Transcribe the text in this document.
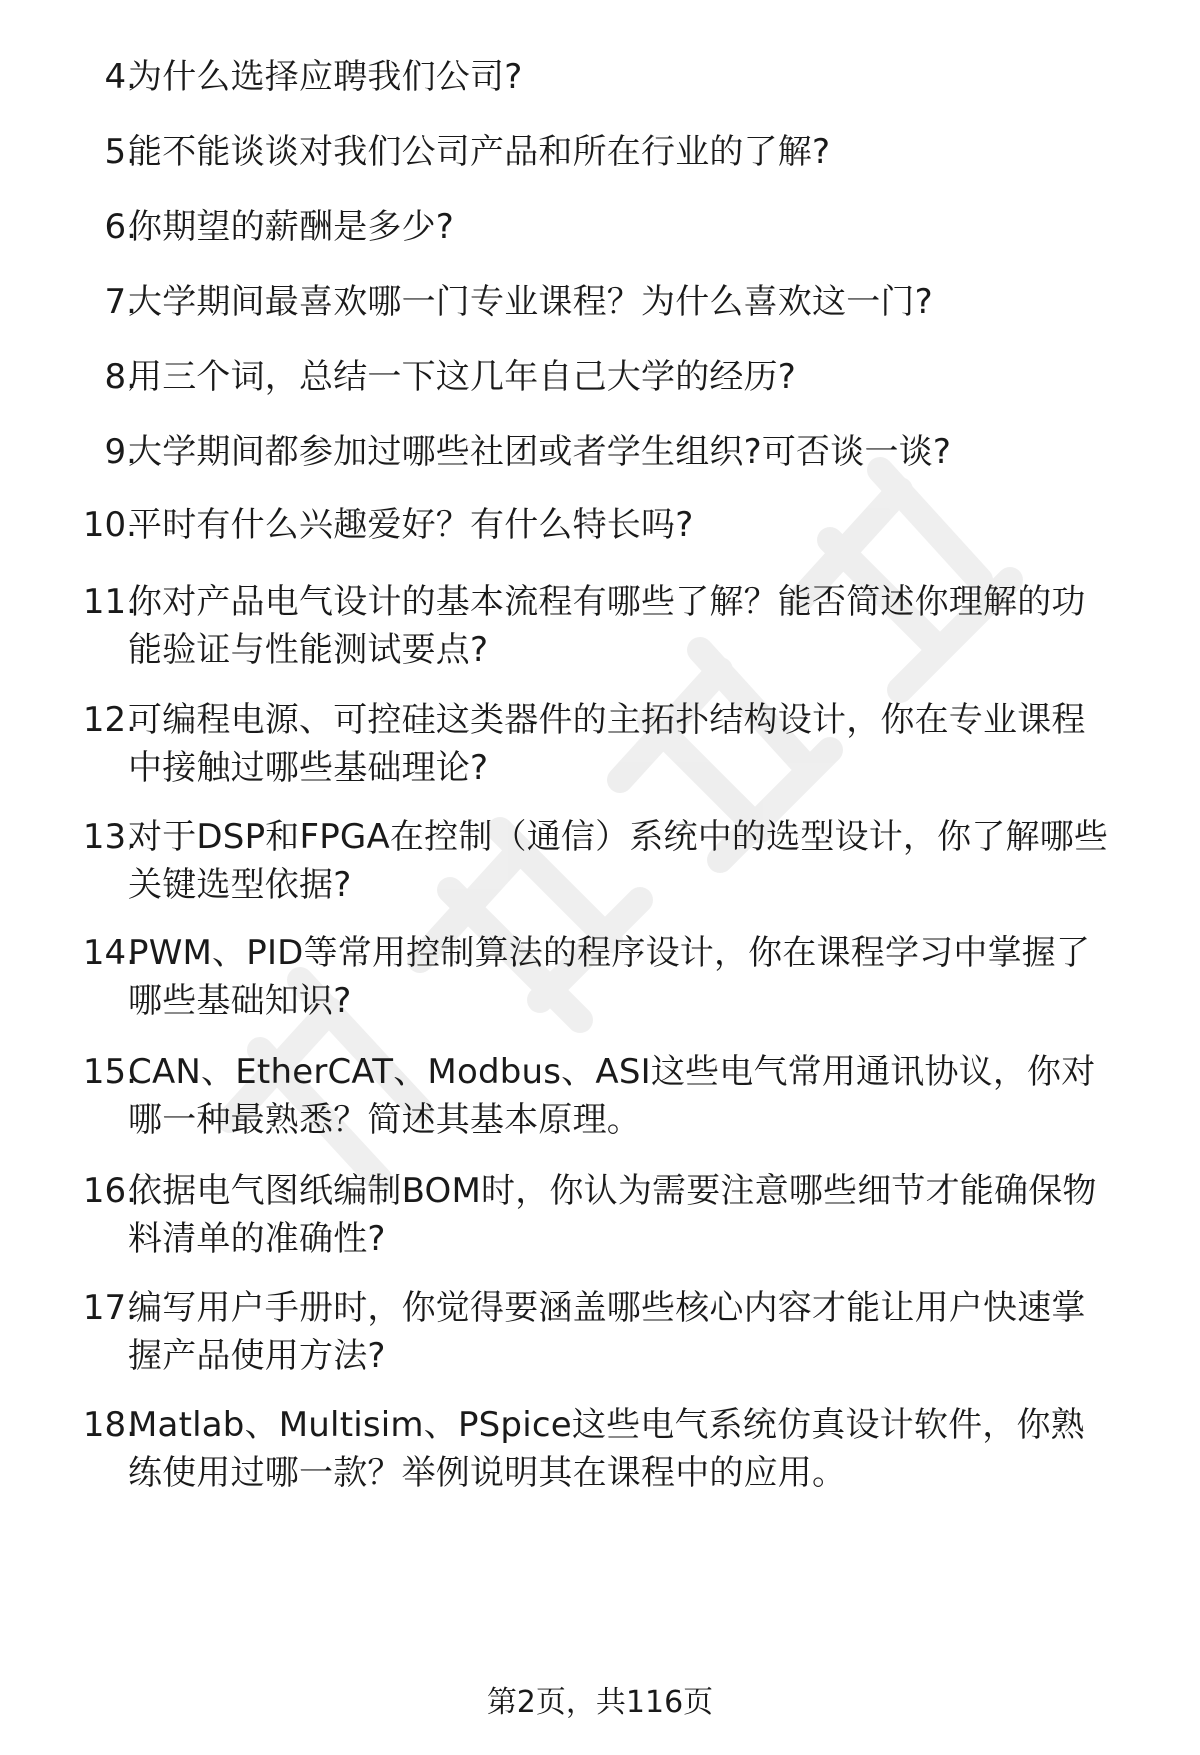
4.
为什么选择应聘我们公司?
5.
能不能谈谈对我们公司产品和所在行业的了解?
6.
你期望的薪酬是多少?
7.
大学期间最喜欢哪一门专业课程？为什么喜欢这一门?
8.
用三个词，总结一下这几年自己大学的经历?
9.
大学期间都参加过哪些社团或者学生组织?可否谈一谈?
10.
平时有什么兴趣爱好？有什么特长吗?
11.
你对产品电气设计的基本流程有哪些了解？能否简述你理解的功
能验证与性能测试要点?
12.
可编程电源、可控硅这类器件的主拓扑结构设计，你在专业课程
中接触过哪些基础理论?
13.
对于DSP和FPGA在控制（通信）系统中的选型设计，你了解哪些
关键选型依据?
14.
PWM、PID等常用控制算法的程序设计，你在课程学习中掌握了
哪些基础知识?
15.
CAN、EtherCAT、Modbus、ASI这些电气常用通讯协议，你对
哪一种最熟悉？简述其基本原理。
16.
依据电气图纸编制BOM时，你认为需要注意哪些细节才能确保物
料清单的准确性?
17.
编写用户手册时，你觉得要涵盖哪些核心内容才能让用户快速掌
握产品使用方法?
18.
Matlab、Multisim、PSpice这些电气系统仿真设计软件，你熟
练使用过哪一款？举例说明其在课程中的应用。
第2页，共116页
